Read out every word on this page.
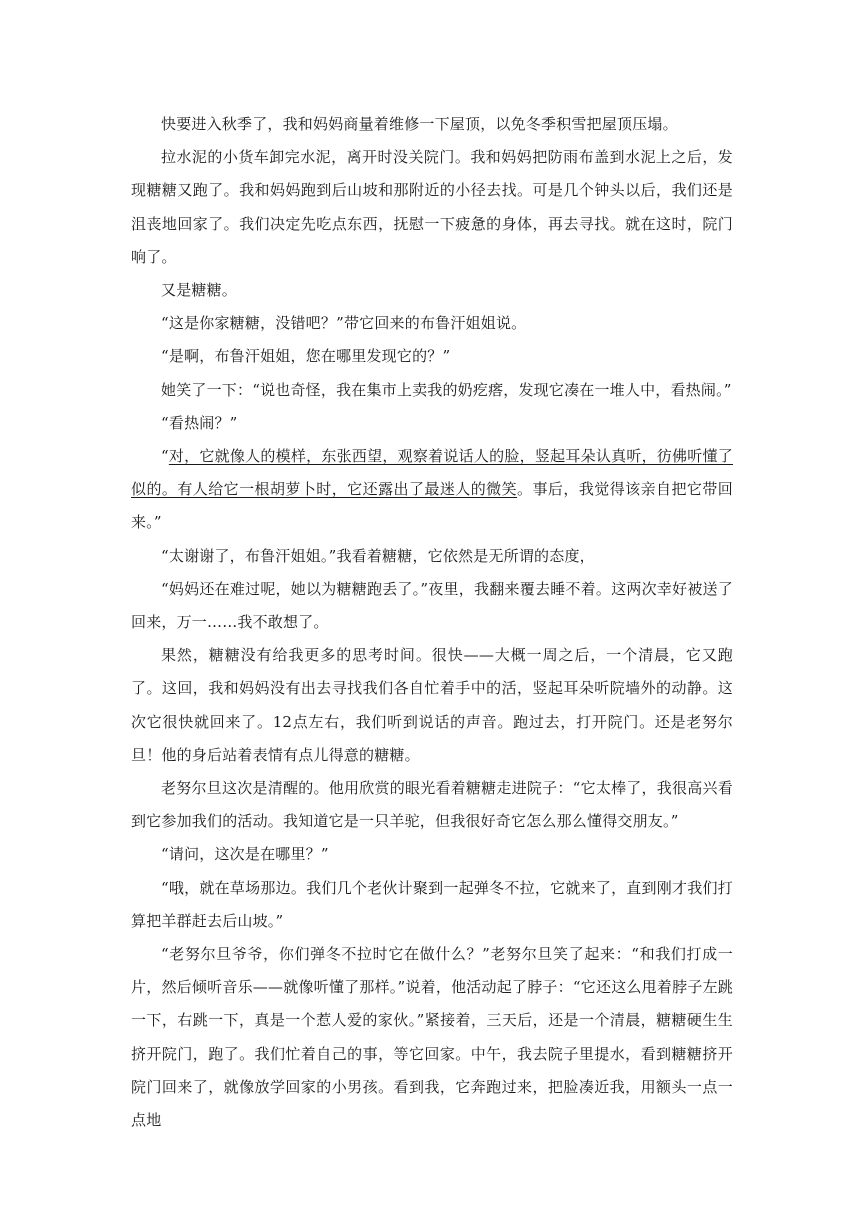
快要进入秋季了，我和妈妈商量着维修一下屋顶，以免冬季积雪把屋顶压塌。

拉水泥的小货车卸完水泥，离开时没关院门。我和妈妈把防雨布盖到水泥上之后，发现糖糖又跑了。我和妈妈跑到后山坡和那附近的小径去找。可是几个钟头以后，我们还是沮丧地回家了。我们决定先吃点东西，抚慰一下疲惫的身体，再去寻找。就在这时，院门响了。

又是糖糖。

“这是你家糖糖，没错吧？”带它回来的布鲁汗姐姐说。

“是啊，布鲁汗姐姐，您在哪里发现它的？”

她笑了一下：“说也奇怪，我在集市上卖我的奶疙瘩，发现它凑在一堆人中，看热闹。”

“看热闹？”

“对，它就像人的模样，东张西望，观察着说话人的脸，竖起耳朵认真听，彷佛听懂了似的。有人给它一根胡萝卜时，它还露出了最迷人的微笑。事后，我觉得该亲自把它带回来。”

“太谢谢了，布鲁汗姐姐。”我看着糖糖，它依然是无所谓的态度，

“妈妈还在难过呢，她以为糖糖跑丢了。”夜里，我翻来覆去睡不着。这两次幸好被送了回来，万一……我不敢想了。

果然，糖糖没有给我更多的思考时间。很快——大概一周之后，一个清晨，它又跑了。这回，我和妈妈没有出去寻找我们各自忙着手中的活，竖起耳朵听院墙外的动静。这次它很快就回来了。12点左右，我们听到说话的声音。跑过去，打开院门。还是老努尔旦！他的身后站着表情有点儿得意的糖糖。

老努尔旦这次是清醒的。他用欣赏的眼光看着糖糖走进院子：“它太棒了，我很高兴看到它参加我们的活动。我知道它是一只羊驼，但我很好奇它怎么那么懂得交朋友。”

“请问，这次是在哪里？”

“哦，就在草场那边。我们几个老伙计聚到一起弹冬不拉，它就来了，直到刚才我们打算把羊群赶去后山坡。”

“老努尔旦爷爷，你们弹冬不拉时它在做什么？”老努尔旦笑了起来：“和我们打成一片，然后倾听音乐——就像听懂了那样。”说着，他活动起了脖子：“它还这么甩着脖子左跳一下，右跳一下，真是一个惹人爱的家伙。”紧接着，三天后，还是一个清晨，糖糖硬生生挤开院门，跑了。我们忙着自己的事，等它回家。中午，我去院子里提水，看到糖糖挤开院门回来了，就像放学回家的小男孩。看到我，它奔跑过来，把脸凑近我，用额头一点一点地
